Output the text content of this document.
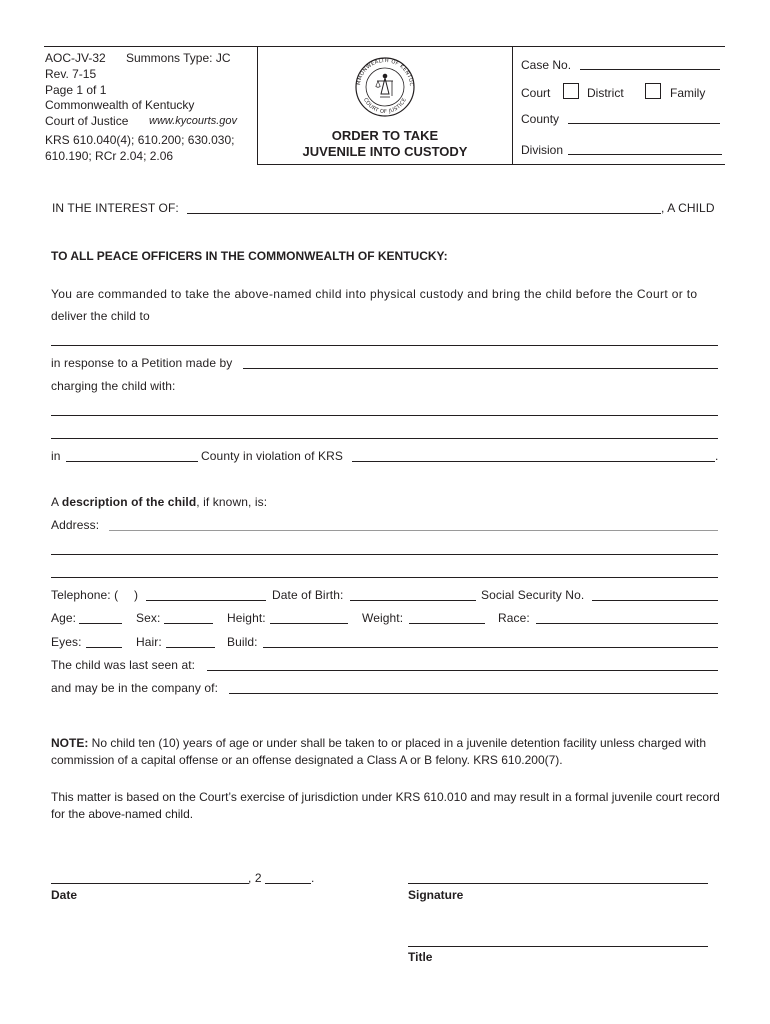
AOC-JV-32 Summons Type: JC
Rev. 7-15
Page 1 of 1
Commonwealth of Kentucky
Court of Justice www.kycourts.gov
KRS 610.040(4); 610.200; 630.030;
610.190; RCr 2.04; 2.06
MMONWEALTH OF KENTUC
COURT OF JUSTICE
ORDER TO TAKE
JUVENILE INTO CUSTODY
Case No.
Court	District	Family
County
Division
IN THE INTEREST OF:	, A CHILD
TO ALL PEACE OFFICERS IN THE COMMONWEALTH OF KENTUCKY:
You are commanded to take the above-named child into physical custody and bring the child before the Court or to
deliver the child to
in response to a Petition made by
charging the child with:
in	County in violation of KRS	.
A description of the child, if known, is:
Address:
Telephone: ( )	Date of Birth:	Social Security No.
Age:	Sex:	Height:	Weight:	Race:
Eyes:	Hair:	Build:
The child was last seen at:
and may be in the company of:
NOTE: No child ten (10) years of age or under shall be taken to or placed in a juvenile detention facility unless charged with commission of a capital offense or an offense designated a Class A or B felony. KRS 610.200(7).
This matter is based on the Court’s exercise of jurisdiction under KRS 610.010 and may result in a formal juvenile court record for the above-named child.
, 2	.
Date	Signature
Title
